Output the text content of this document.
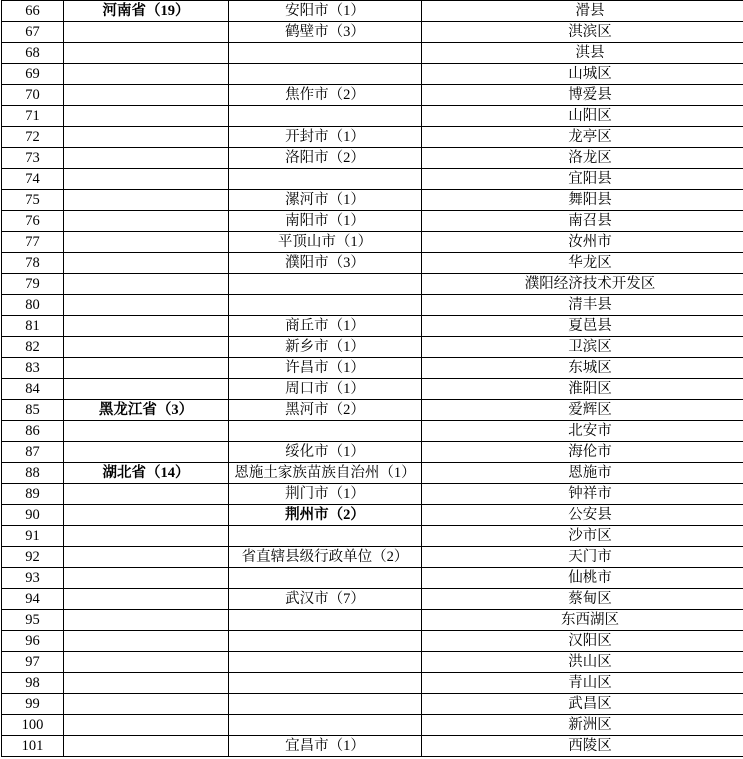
66	河南省（19）	安阳市（1）	滑县
67		鹤壁市（3）	淇滨区
68			淇县
69			山城区
70		焦作市（2）	博爱县
71			山阳区
72		开封市（1）	龙亭区
73		洛阳市（2）	洛龙区
74			宜阳县
75		漯河市（1）	舞阳县
76		南阳市（1）	南召县
77		平顶山市（1）	汝州市
78		濮阳市（3）	华龙区
79			濮阳经济技术开发区
80			清丰县
81		商丘市（1）	夏邑县
82		新乡市（1）	卫滨区
83		许昌市（1）	东城区
84		周口市（1）	淮阳区
85	黑龙江省（3）	黑河市（2）	爱辉区
86			北安市
87		绥化市（1）	海伦市
88	湖北省（14）	恩施土家族苗族自治州（1）	恩施市
89		荆门市（1）	钟祥市
90		荆州市（2）	公安县
91			沙市区
92		省直辖县级行政单位（2）	天门市
93			仙桃市
94		武汉市（7）	蔡甸区
95			东西湖区
96			汉阳区
97			洪山区
98			青山区
99			武昌区
100			新洲区
101		宜昌市（1）	西陵区
